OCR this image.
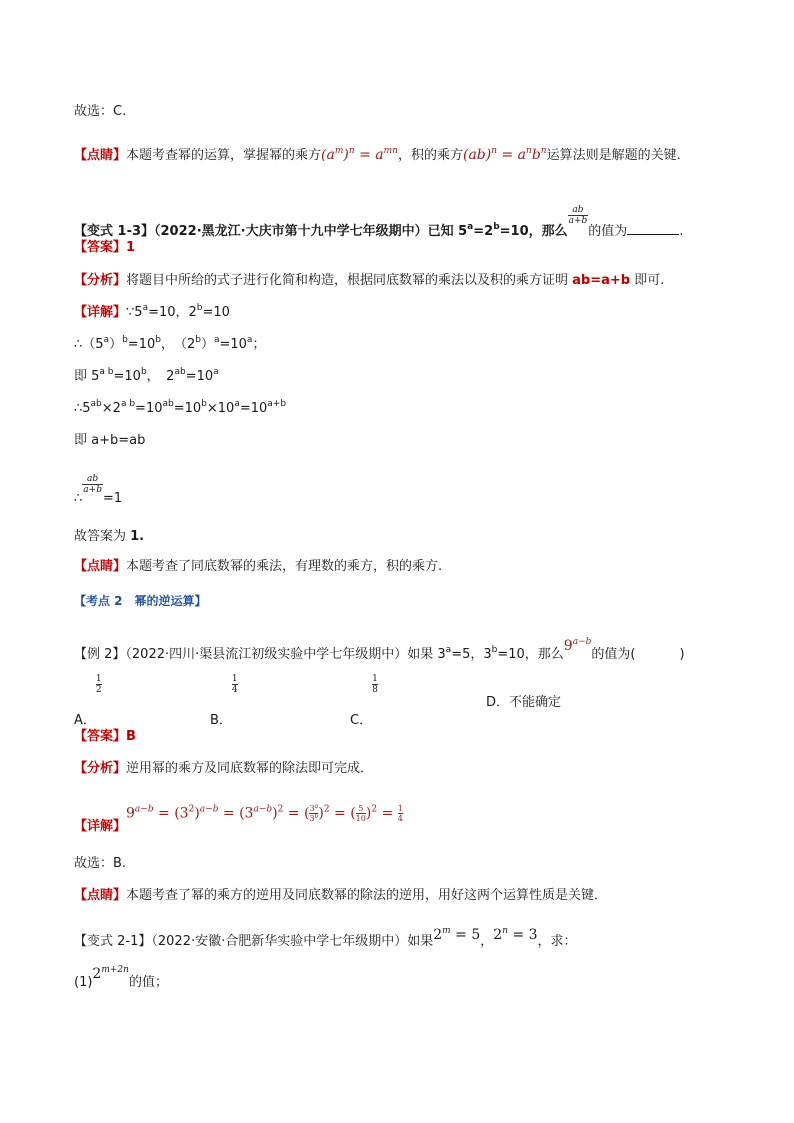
故选：C.
【点睛】本题考查幂的运算，掌握幂的乘方$(a^m)^n = a^{mn}$，积的乘方$(ab)^n = a^nb^n$运算法则是解题的关键．
【变式 1-3】（2022·黑龙江·大庆市第十九中学七年级期中）已知 $5^a=2^b=10$，那么
$\frac{ab}{a+b}$
的值为	.
【答案】1
【分析】将题目中所给的式子进行化简和构造，根据同底数幂的乘法以及积的乘方证明 ab=a+b 即可.
【详解】$\because 5^a=10$，$2^b=10$
$\therefore(5^a)^b=10^b$，　$(2^b)^a=10^a$；
即 $5^{a b}=10^b$，　$2^{ab}=10^a$
$\therefore 5^{ab}\times 2^{a b}=10^{ab}=10^b\times 10^a=10^{a+b}$
即 a+b=ab
∴
$\frac{ab}{a+b}$
=1
故答案为 1.
【点睛】本题考查了同底数幂的乘法，有理数的乘方，积的乘方.
【考点 2　幂的逆运算】
【例 2】（2022·四川·渠县流江初级实验中学七年级期中）如果 $3^a=5$，$3^b=10$，那么$9^{a-b}$的值为(	)
A．
$\frac{1}{2}$
B．
$\frac{1}{4}$
C．
$\frac{1}{8}$
D．不能确定
【答案】B
【分析】逆用幂的乘方及同底数幂的除法即可完成．
【详解】
$9^{a-b} = (3^2)^{a-b} = (3^{a-b})^2$ = ( $\frac{3^a}{3^b})^2$ = ( $\frac{5}{10})^2 = \frac{1}{4}$
故选：B.
【点睛】本题考查了幂的乘方的逆用及同底数幂的除法的逆用，用好这两个运算性质是关键．
【变式 2-1】（2022·安徽·合肥新华实验中学七年级期中）如果$2^m = 5$，$2^n = 3$，求：
$(1)2^{m+2n}$的值；
